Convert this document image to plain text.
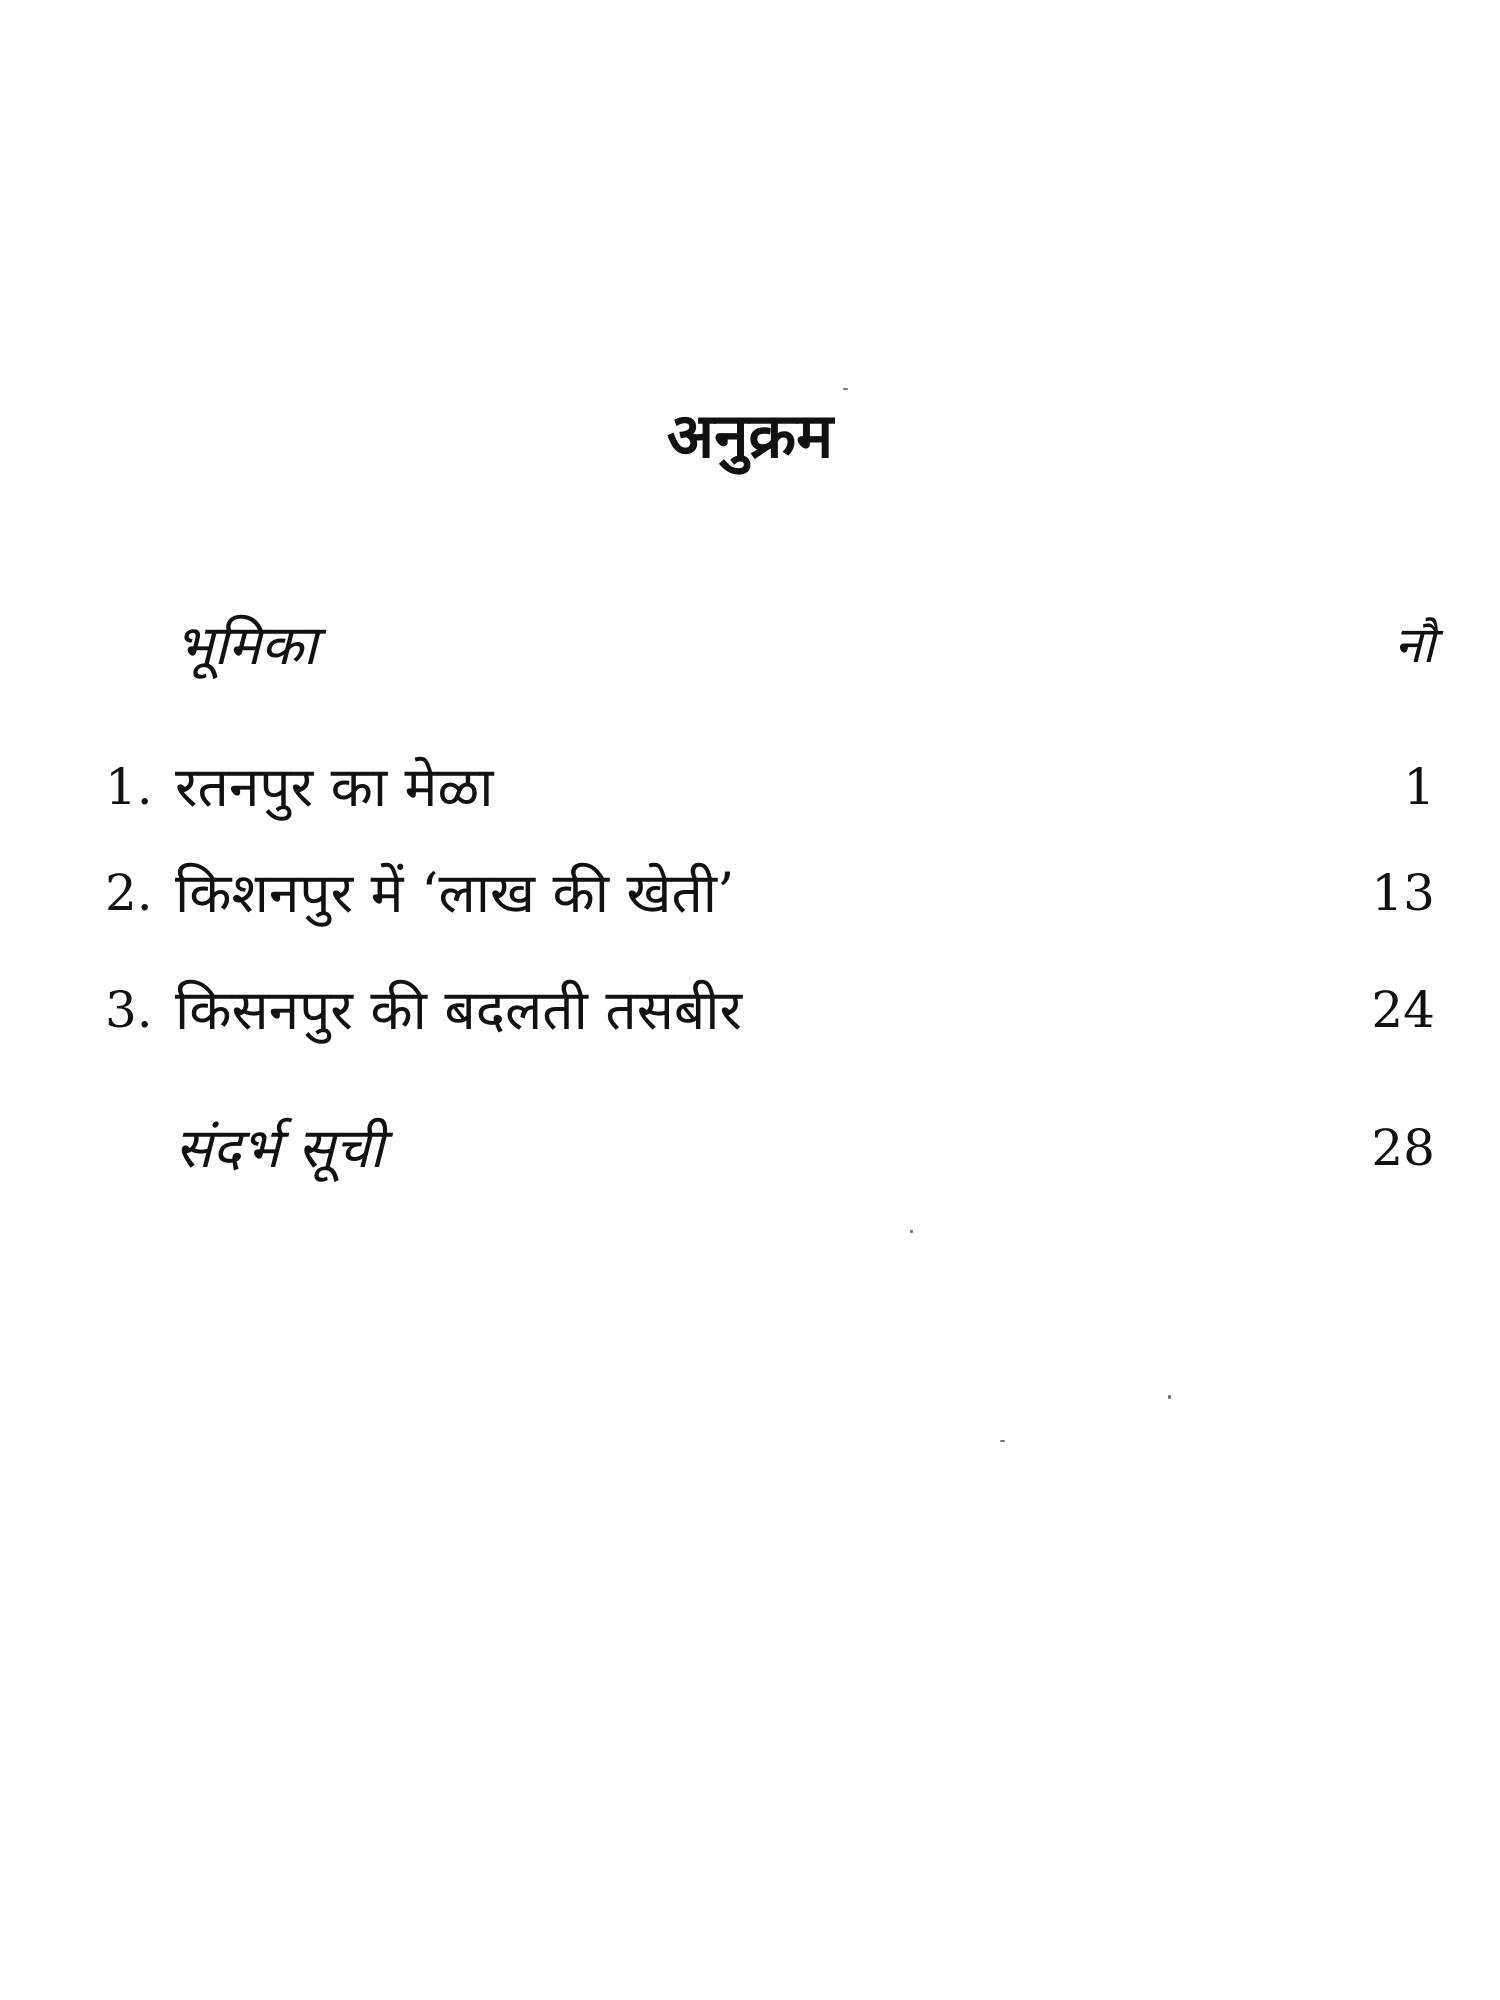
अनुक्रम
भूमिका	नौ
1. रतनपुर का मेळा	1
2. किशनपुर में ‘लाख की खेती’	13
3. किसनपुर की बदलती तसबीर	24
संदर्भ सूची	28
